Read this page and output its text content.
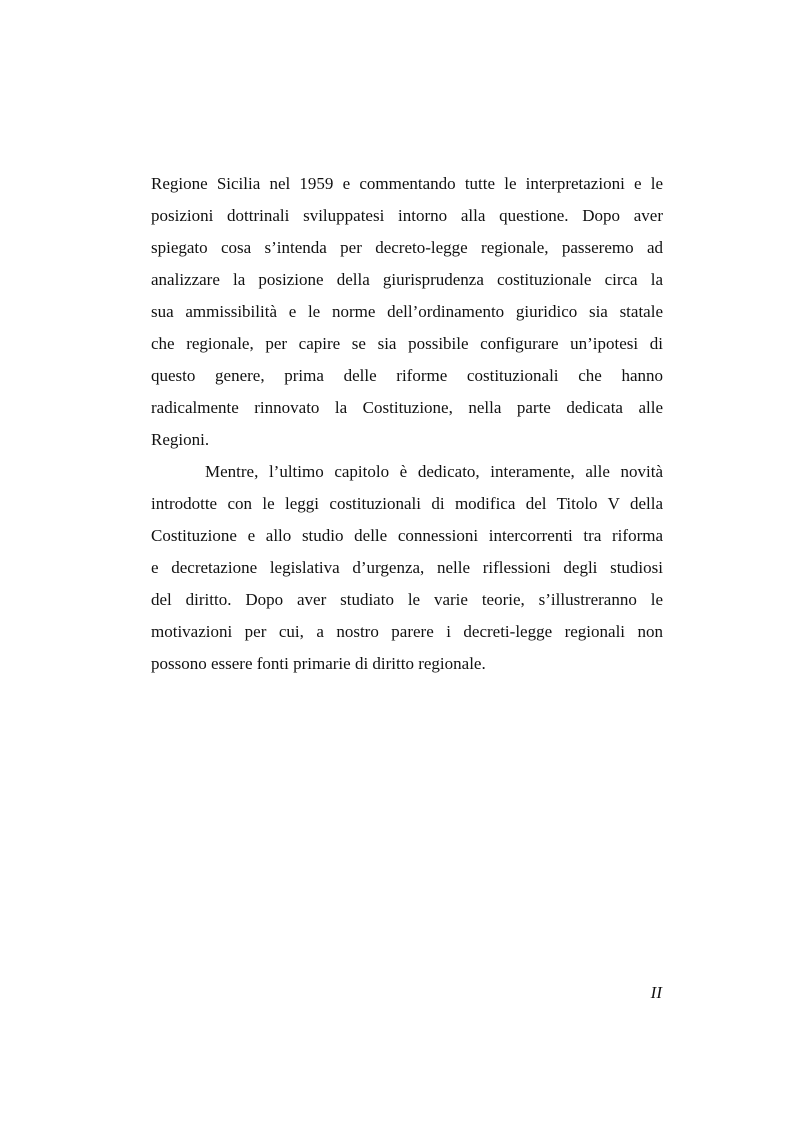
Regione Sicilia nel 1959 e commentando tutte le interpretazioni e le
posizioni dottrinali sviluppatesi intorno alla questione. Dopo aver
spiegato cosa s’intenda per decreto-legge regionale, passeremo ad
analizzare la posizione della giurisprudenza costituzionale circa la
sua ammissibilità e le norme dell’ordinamento giuridico sia statale
che regionale, per capire se sia possibile configurare un’ipotesi di
questo genere, prima delle riforme costituzionali che hanno
radicalmente rinnovato la Costituzione, nella parte dedicata alle
Regioni.
Mentre, l’ultimo capitolo è dedicato, interamente, alle novità
introdotte con le leggi costituzionali di modifica del Titolo V della
Costituzione e allo studio delle connessioni intercorrenti tra riforma
e decretazione legislativa d’urgenza, nelle riflessioni degli studiosi
del diritto. Dopo aver studiato le varie teorie, s’illustreranno le
motivazioni per cui, a nostro parere i decreti-legge regionali non
possono essere fonti primarie di diritto regionale.
II
